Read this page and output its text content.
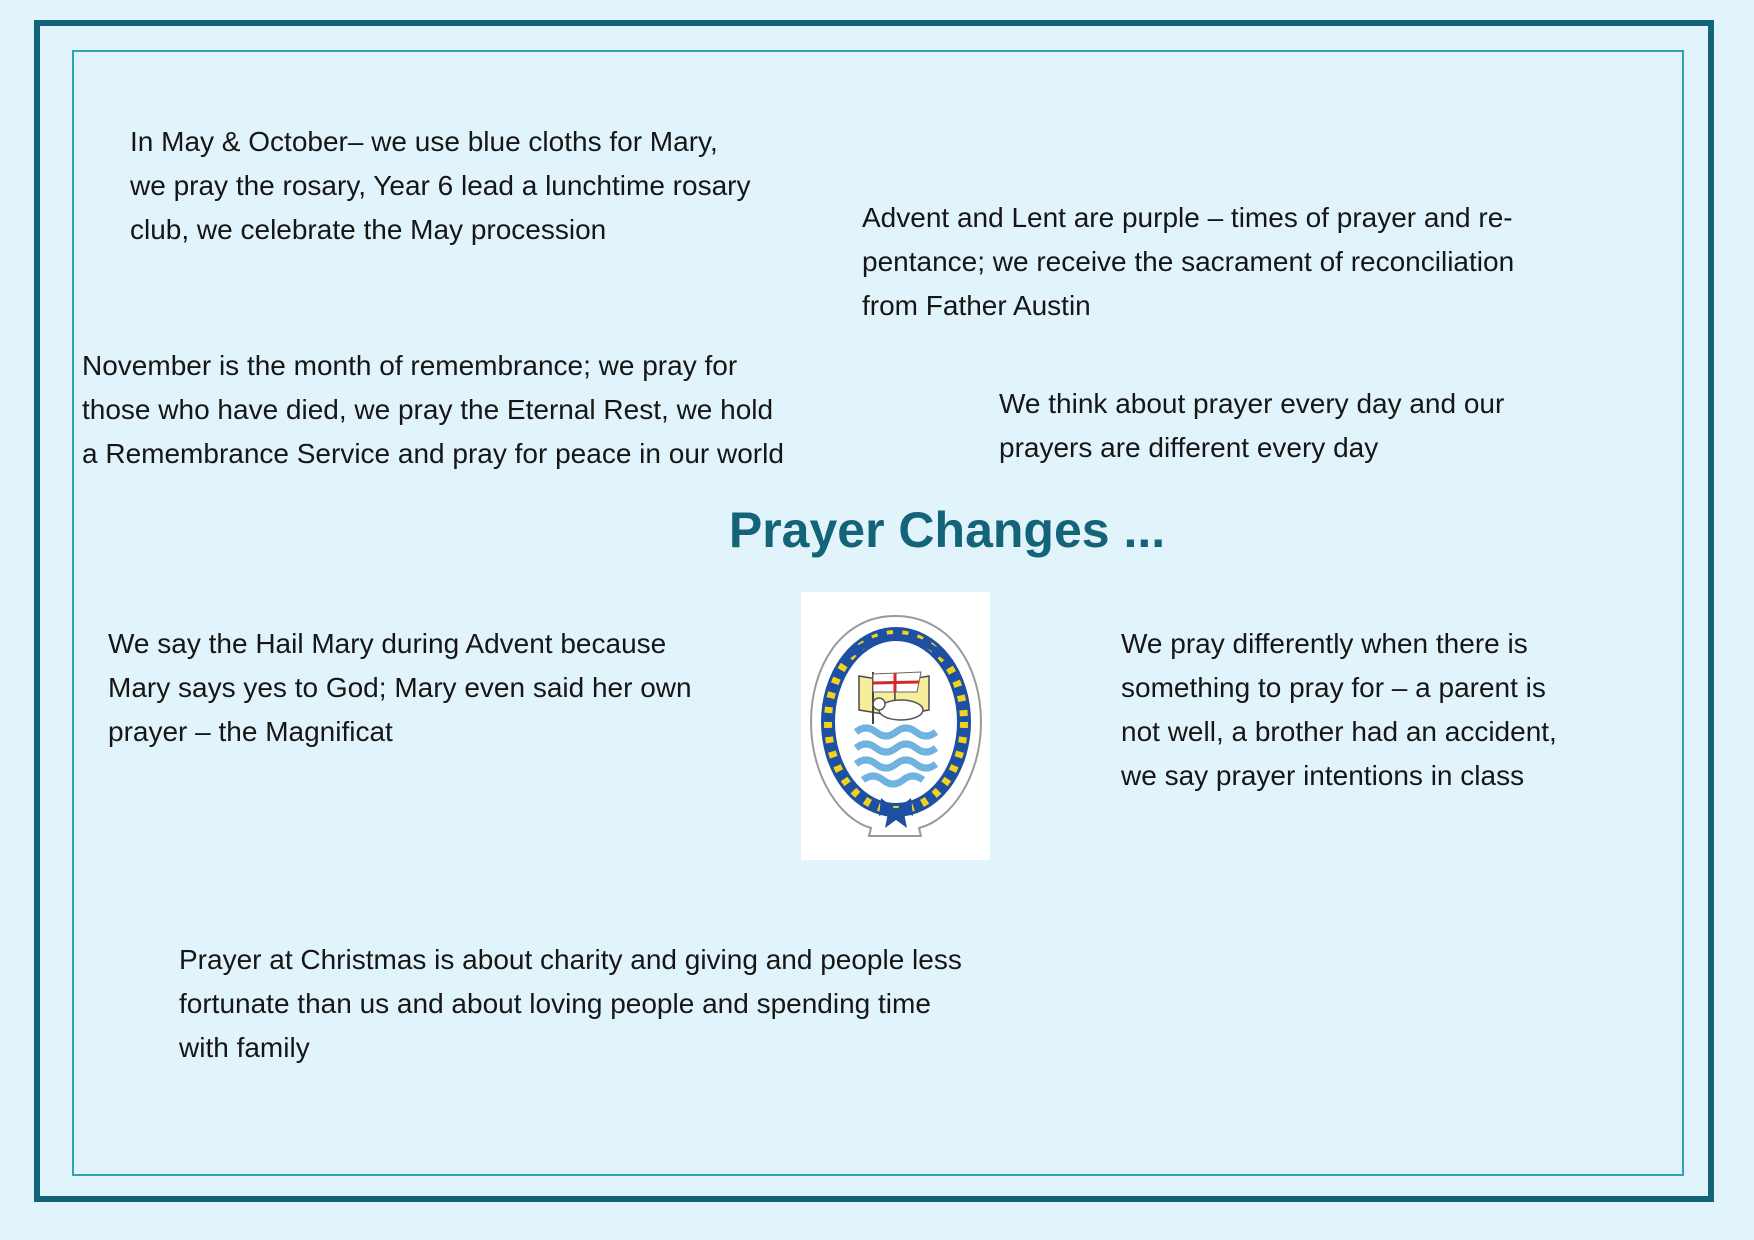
In May & October– we use blue cloths for Mary,
we pray the rosary, Year 6 lead a lunchtime rosary
club, we celebrate the May procession	Advent and Lent are purple – times of prayer and re-
pentance; we receive the sacrament of reconciliation
from Father Austin

November is the month of remembrance; we pray for
those who have died, we pray the Eternal Rest, we hold
a Remembrance Service and pray for peace in our world

We think about prayer every day and our
prayers are different every day

Prayer Changes ...

We say the Hail Mary during Advent because
Mary says yes to God; Mary even said her own
prayer – the Magnificat

We pray differently when there is
something to pray for – a parent is
not well, a brother had an accident,
we say prayer intentions in class

Prayer at Christmas is about charity and giving and people less
fortunate than us and about loving people and spending time
with family
